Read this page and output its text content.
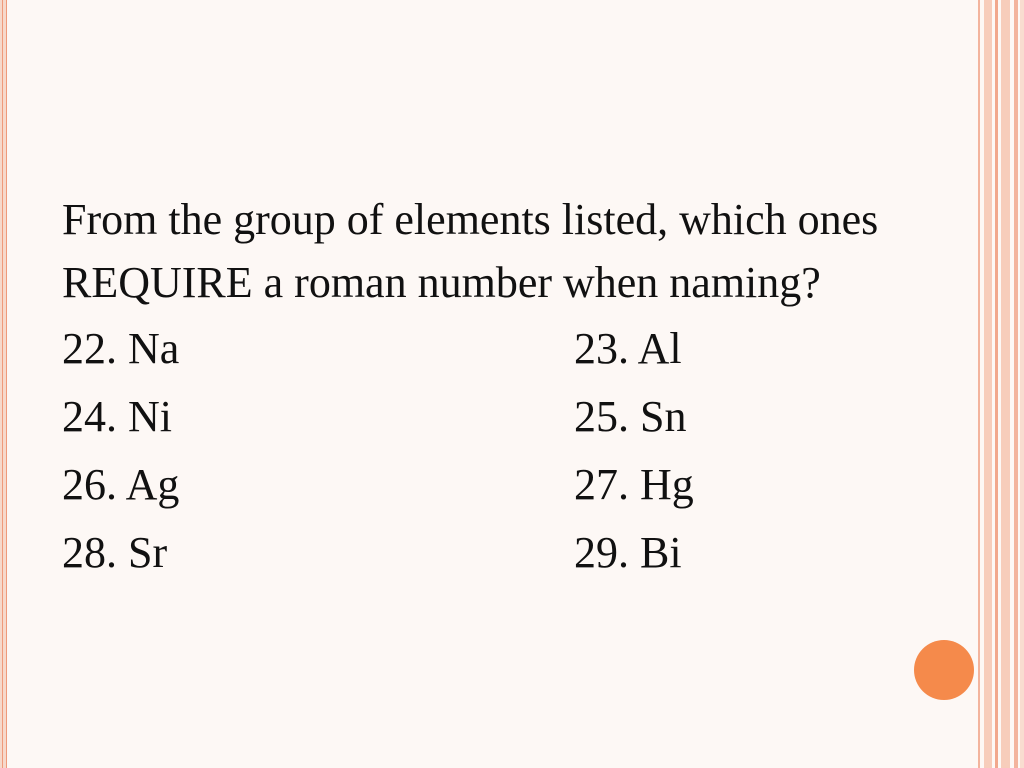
From the group of elements listed, which ones REQUIRE a roman number when naming?

22. Na	23. Al
24. Ni	25. Sn
26. Ag	27. Hg
28. Sr	29. Bi
